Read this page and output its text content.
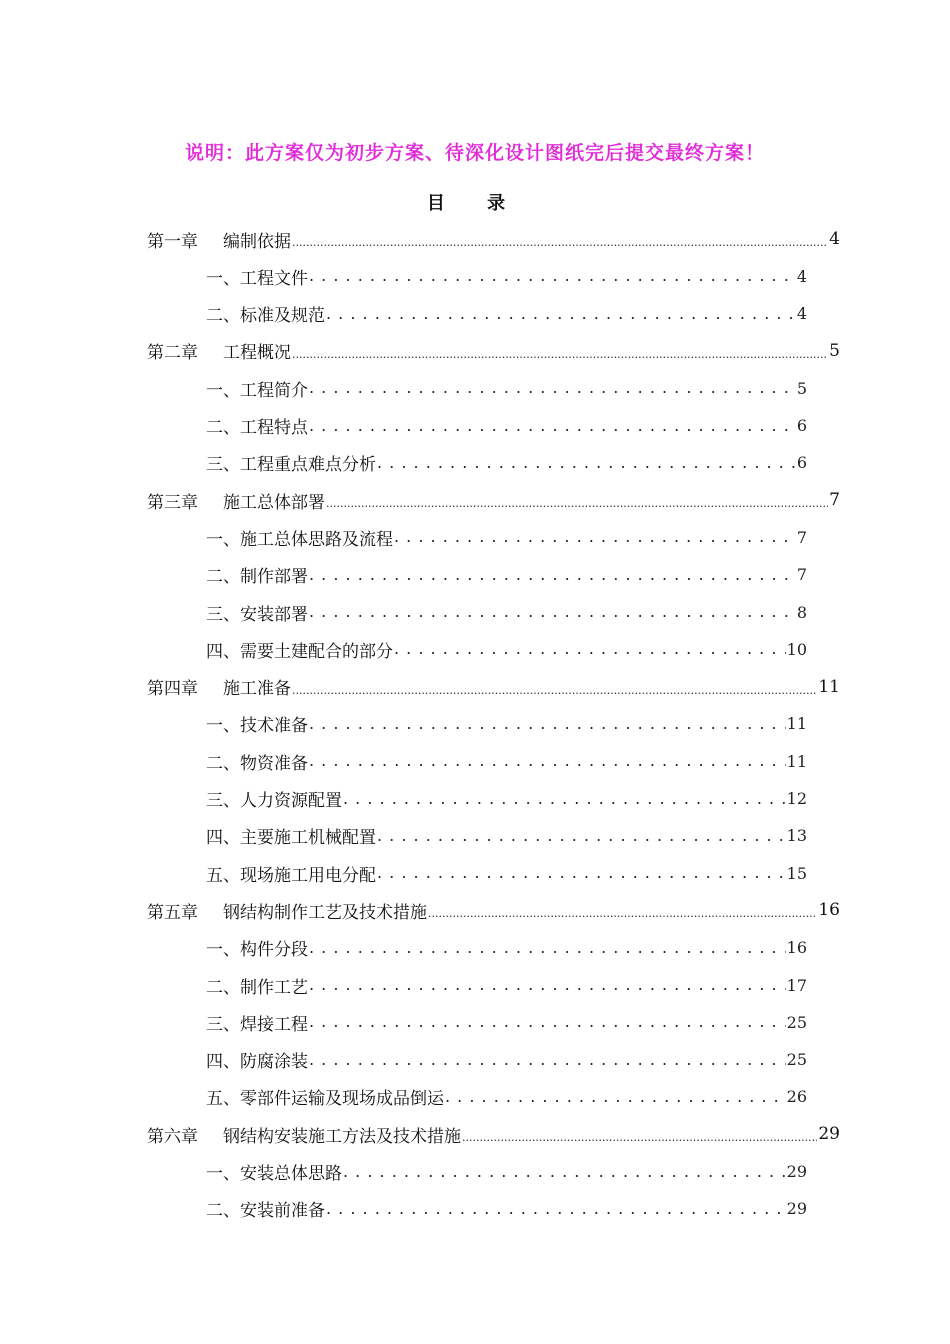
说明：此方案仅为初步方案、待深化设计图纸完后提交最终方案！
目 录
第一章	编制依据 .....	4
一、工程文件 . . .	4
二、标准及规范 . . .	4
第二章	工程概况 .....	5
一、工程简介 . . .	5
二、工程特点 . . .	6
三、工程重点难点分析 . . .	6
第三章	施工总体部署 .....	7
一、施工总体思路及流程 . . .	7
二、制作部署 . . .	7
三、安装部署 . . .	8
四、需要土建配合的部分 . . .	10
第四章	施工准备 .....	11
一、技术准备 . . .	11
二、物资准备 . . .	11
三、人力资源配置 . . .	12
四、主要施工机械配置 . . .	13
五、现场施工用电分配 . . .	15
第五章	钢结构制作工艺及技术措施 .....	16
一、构件分段 . . .	16
二、制作工艺 . . .	17
三、焊接工程 . . .	25
四、防腐涂装 . . .	25
五、零部件运输及现场成品倒运 . . .	26
第六章	钢结构安装施工方法及技术措施 .....	29
一、安装总体思路 . . .	29
二、安装前准备 . . .	29
